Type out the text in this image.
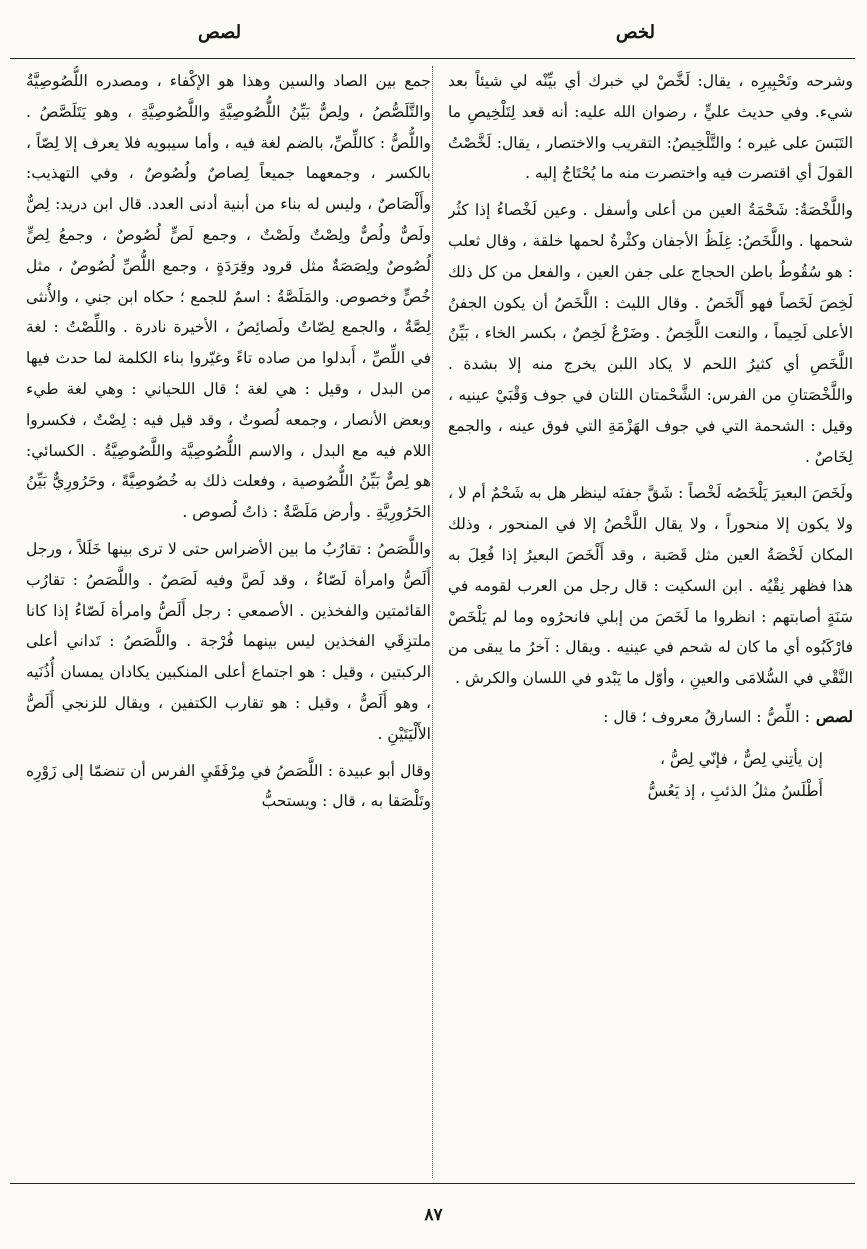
لخص
لصص

وشرحه وتَحْبِيرِه ، يقال: لَخَّصْ لي خبرك أي بيِّنْه لي شيئاً بعد شيء. وفي حديث عليٍّ ، رضوان الله عليه: أنه قعد لِتَلْخِيصِ ما التَبَسَ على غيره ؛ والتَّلْخِيصُ: التقريب والاختصار ، يقال: لَخَّصْتُ القولَ أي اقتصرت فيه واختصرت منه ما يُحْتَاجُ إليه .

واللَّخْصَةُ: شَحْمَةُ العين من أعلى وأسفل . وعين لَخْصاءُ إذا كثُر شحمها . واللَّخَصُ: غِلَظُ الأجفان وكثْرةُ لحمها خلقة ، وقال ثعلب : هو سُقُوطُ باطن الحجاج على جفن العين ، والفعل من كل ذلك لَخِصَ لَخَصاً فهو أَلْخَصُ . وقال الليث : اللَّخَصُ أن يكون الجفنُ الأعلى لَحِيماً ، والنعت اللَّخِصُ . وضَرْعٌ لَخِصٌ ، بكسر الخاء ، بَيِّنُ اللَّخَصِ أي كثيرُ اللحم لا يكاد اللبن يخرج منه إلا بشدة . واللَّخْصَتانِ من الفرس: الشَّحْمتان اللتان في جوف وَقْبَيْ عينيه ، وقيل : الشحمة التي في جوف الهَزْمَةِ التي فوق عينه ، والجمع لِخَاصٌ .

ولَخَصَ البعيرَ يَلْخَصُه لَخْصاً : شَقَّ جفنَه لينظر هل به شَحْمٌ أم لا ، ولا يكون إلا منحوراً ، ولا يقال اللَّخْصُ إلا في المنحور ، وذلك المكان لَخْصَةُ العين مثل قَصَبة ، وقد أَلْخَصَ البعيرُ إذا فُعِلَ به هذا فظهر نِقْيُه . ابن السكيت : قال رجل من العرب لقومه في سَنَةٍ أصابتهم : انظروا ما لَخَصَ من إبلي فانحرُوه وما لم يَلْخَصْ فارْكَبُوه أي ما كان له شحم في عينيه . ويقال : آخرُ ما يبقى من النَّقْي في السُّلامَى والعينِ ، وأوّل ما يَبْدو في اللسان والكرش .

لصص: اللِّصُّ : السارقُ معروف ؛ قال :

إن يأتِني لِصٌّ ، فإنّي لِصُّ ،
أَطْلَسُ مثلُ الذئبِ ، إذ يَعُسُّ

جمع بين الصاد والسين وهذا هو الإكْفاء ، ومصدره اللُّصُوصِيَّةُ والتَّلَصُّصُ ، ولِصٌّ بَيِّنُ اللُّصُوصِيَّةِ واللَّصُوصِيَّةِ ، وهو يَتَلَصَّصُ . واللُّصُّ : كاللِّصِّ، بالضم لغة فيه ، وأما سيبويه فلا يعرف إلا لِصّاً ، بالكسر ، وجمعهما جميعاً لِصاصٌ ولُصُوصٌ ، وفي التهذيب: وأَلْصَاصٌ ، وليس له بناء من أبنية أدنى العدد. قال ابن دريد: لِصٌّ ولَصٌّ ولُصٌّ ولِصْتٌ ولَصْتٌ ، وجمع لَصٍّ لُصُوصٌ ، وجمعُ لِصٍّ لُصُوصٌ ولِصَصَةٌ مثل قرود وقِرَدَةٍ ، وجمع اللُّصِّ لُصُوصٌ ، مثل خُصٍّ وخصوص. والمَلَصَّةُ : اسمٌ للجمع ؛ حكاه ابن جني ، والأُنثى لِصَّةٌ ، والجمع لِصّاتٌ ولَصائِصُ ، الأخيرة نادرة . واللِّصْتُ : لغة في اللِّصِّ ، أَبدلوا من صاده تاءً وغيّروا بناء الكلمة لما حدث فيها من البدل ، وقيل : هي لغة ؛ قال اللحياني : وهي لغة طيء وبعض الأنصار ، وجمعه لُصوتٌ ، وقد قيل فيه : لِصْتٌ ، فكسروا اللام فيه مع البدل ، والاسم اللُّصُوصِيَّة واللَّصُوصِيَّةُ . الكسائي: هو لِصٌّ بَيِّنُ اللُّصُوصية ، وفعلت ذلك به خُصُوصِيَّةً ، وحَرُورِيٌّ بَيِّنُ الحَرُورِيَّةِ . وأرض مَلَصَّةٌ : ذاتُ لُصوص .

واللَّصَصُ : تقارُبُ ما بين الأضراس حتى لا ترى بينها خَلَلاً ، ورجل أَلَصُّ وامرأة لَصّاءُ ، وقد لَصَّ وفيه لَصَصٌ . واللَّصَصُ : تقارُب القائمتين والفخذين . الأصمعي : رجل أَلَصُّ وامرأة لَصّاءُ إذا كانا ملتزِقَي الفخذين ليس بينهما فُرْجة . واللَّصَصُ : تَداني أعلى الركبتين ، وقيل : هو اجتماع أعلى المنكبين يكادان يمسان أُذُنَيه ، وهو أَلَصُّ ، وقيل : هو تقارب الكتفين ، ويقال للزنجي أَلَصُّ الأَلْيَتَيْنِ .

وقال أبو عبيدة : اللَّصَصُ في مِرْفَقَيِ الفرس أن تنضمّا إلى زَوْرِه وتَلْصَقا به ، قال : ويستحبُّ

٨٧
